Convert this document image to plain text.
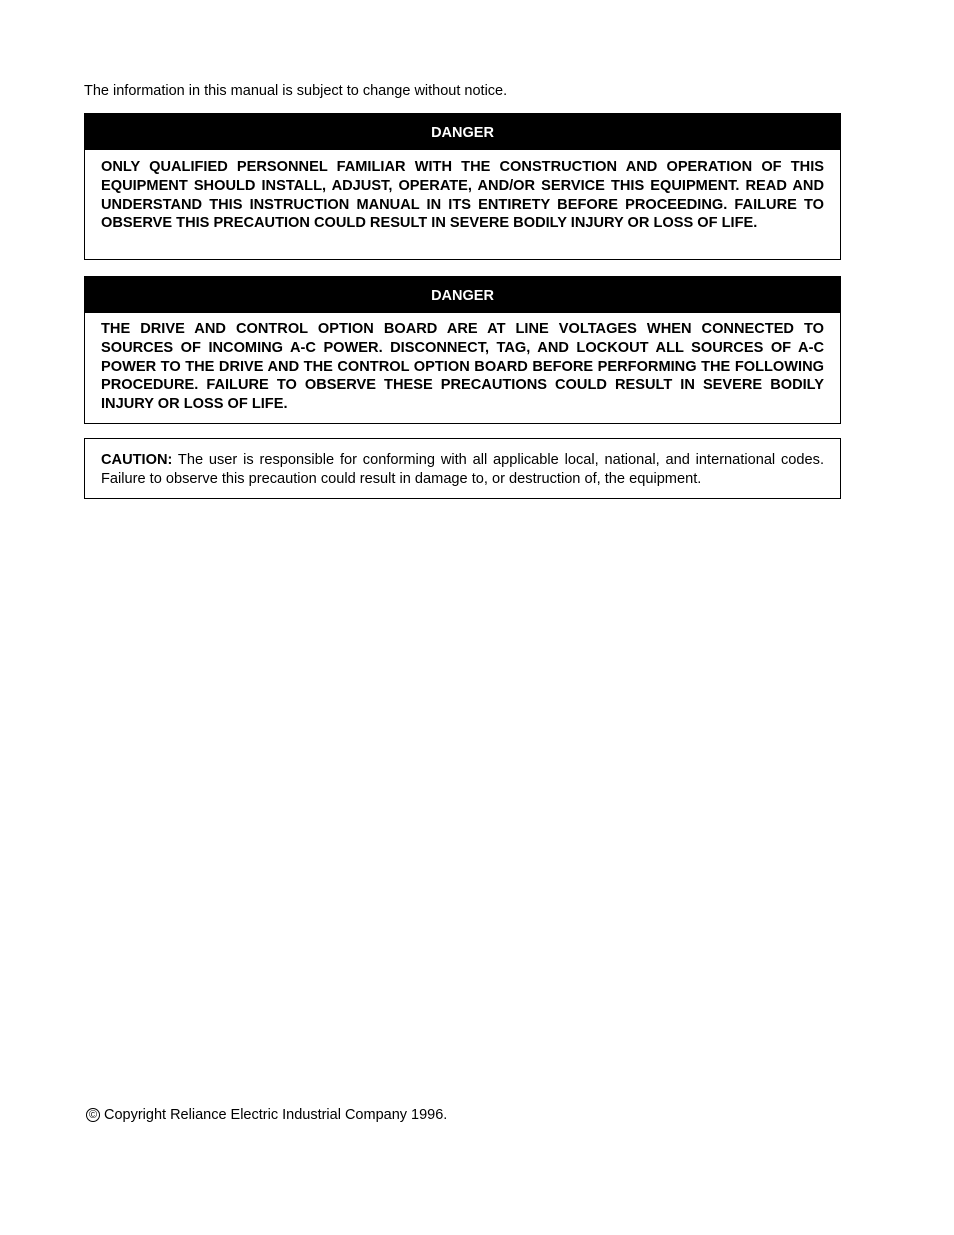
The information in this manual is subject to change without notice.

DANGER
ONLY QUALIFIED PERSONNEL FAMILIAR WITH THE CONSTRUCTION AND OPERATION OF THIS EQUIPMENT SHOULD INSTALL, ADJUST, OPERATE, AND/OR SERVICE THIS EQUIPMENT. READ AND UNDERSTAND THIS INSTRUCTION MANUAL IN ITS ENTIRETY BEFORE PROCEEDING. FAILURE TO OBSERVE THIS PRECAUTION COULD RESULT IN SEVERE BODILY INJURY OR LOSS OF LIFE.
DANGER
THE DRIVE AND CONTROL OPTION BOARD ARE AT LINE VOLTAGES WHEN CONNECTED TO SOURCES OF INCOMING A-C POWER. DISCONNECT, TAG, AND LOCKOUT ALL SOURCES OF A-C POWER TO THE DRIVE AND THE CONTROL OPTION BOARD BEFORE PERFORMING THE FOLLOWING PROCEDURE. FAILURE TO OBSERVE THESE PRECAUTIONS COULD RESULT IN SEVERE BODILY INJURY OR LOSS OF LIFE.
CAUTION: The user is responsible for conforming with all applicable local, national, and international codes. Failure to observe this precaution could result in damage to, or destruction of, the equipment.

© Copyright Reliance Electric Industrial Company 1996.
